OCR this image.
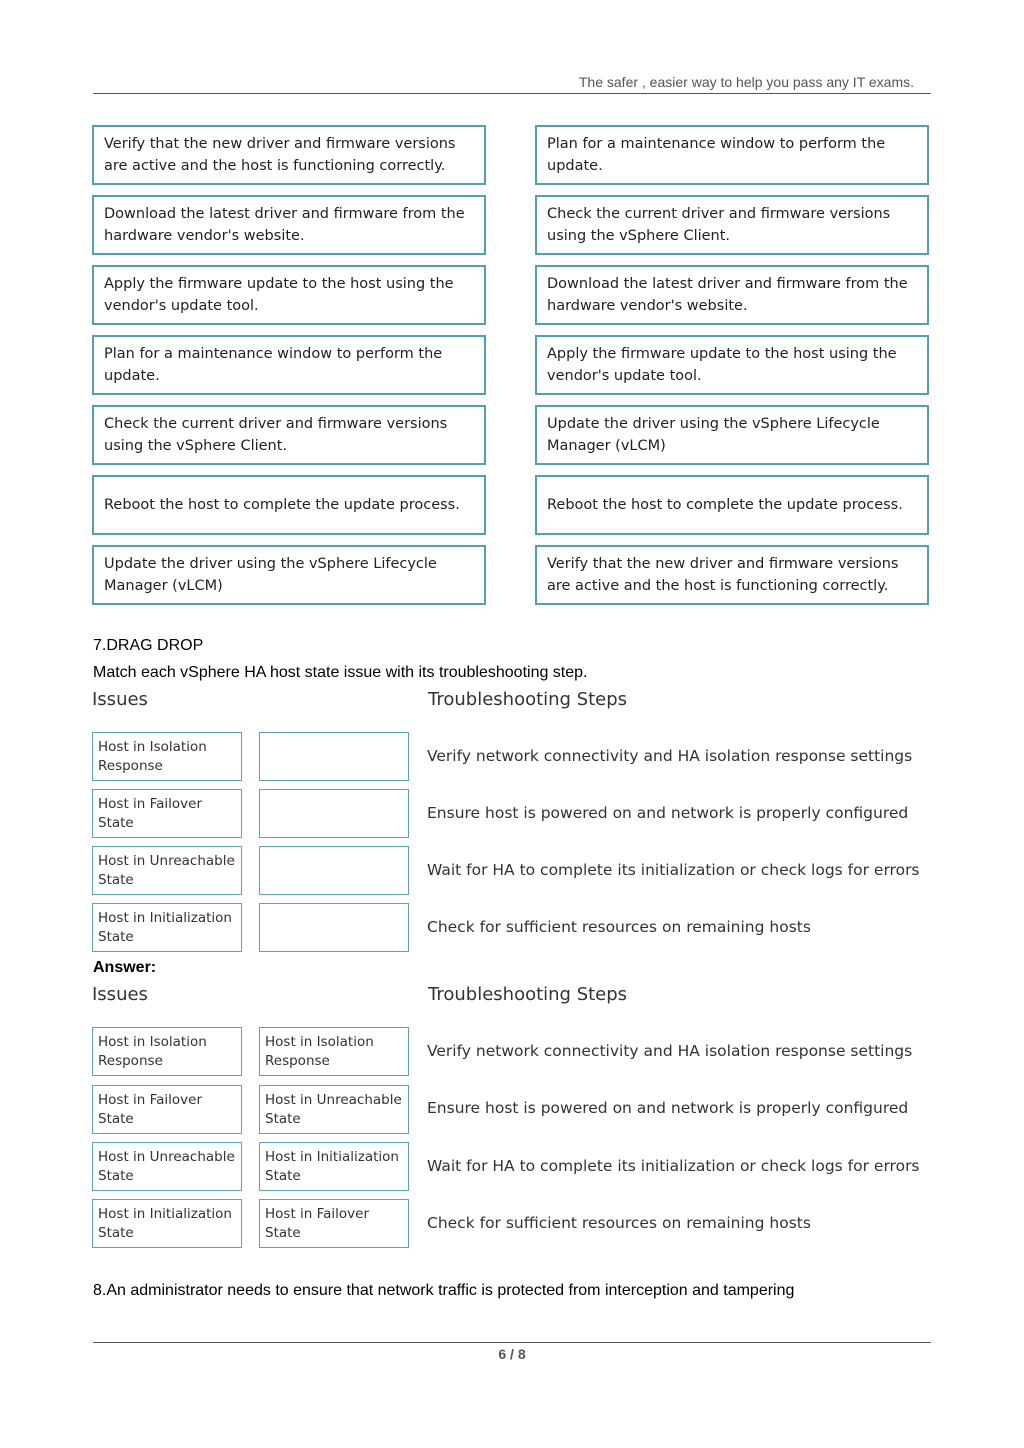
The safer , easier way to help you pass any IT exams.
Verify that the new driver and firmware versions are active and the host is functioning correctly.
Download the latest driver and firmware from the hardware vendor's website.
Apply the firmware update to the host using the vendor's update tool.
Plan for a maintenance window to perform the update.
Check the current driver and firmware versions using the vSphere Client.
Reboot the host to complete the update process.
Update the driver using the vSphere Lifecycle Manager (vLCM)
Plan for a maintenance window to perform the update.
Check the current driver and firmware versions using the vSphere Client.
Download the latest driver and firmware from the hardware vendor's website.
Apply the firmware update to the host using the vendor's update tool.
Update the driver using the vSphere Lifecycle Manager (vLCM)
Reboot the host to complete the update process.
Verify that the new driver and firmware versions are active and the host is functioning correctly.
7.DRAG DROP
Match each vSphere HA host state issue with its troubleshooting step.
Issues	Troubleshooting Steps
Host in Isolation Response
Host in Failover State
Host in Unreachable State
Host in Initialization State
Verify network connectivity and HA isolation response settings
Ensure host is powered on and network is properly configured
Wait for HA to complete its initialization or check logs for errors
Check for sufficient resources on remaining hosts
Answer:
Issues	Troubleshooting Steps
Host in Isolation Response
Host in Failover State
Host in Unreachable State
Host in Initialization State
Host in Isolation Response
Host in Unreachable State
Host in Initialization State
Host in Failover State
Verify network connectivity and HA isolation response settings
Ensure host is powered on and network is properly configured
Wait for HA to complete its initialization or check logs for errors
Check for sufficient resources on remaining hosts
8.An administrator needs to ensure that network traffic is protected from interception and tampering
6 / 8
